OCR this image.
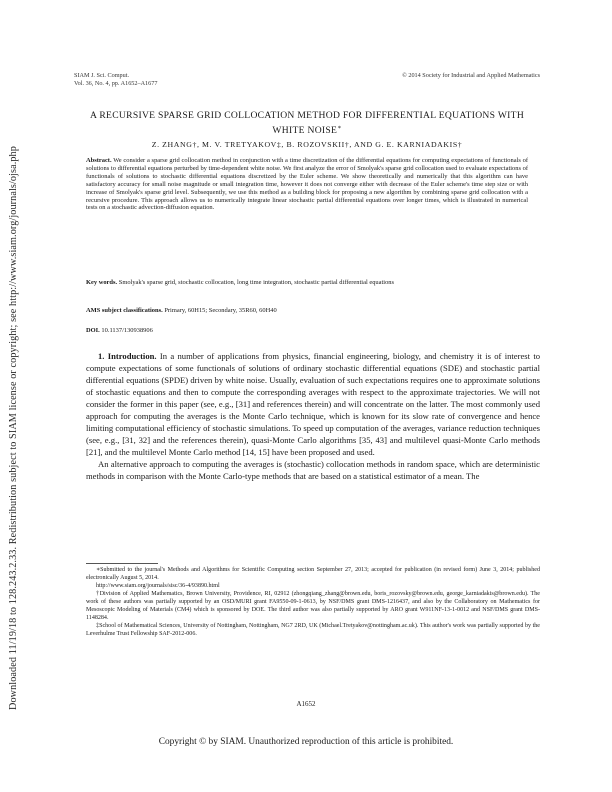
Downloaded 11/19/18 to 128.243.2.33. Redistribution subject to SIAM license or copyright; see http://www.siam.org/journals/ojsa.php
SIAM J. Sci. Comput.
Vol. 36, No. 4, pp. A1652–A1677
© 2014 Society for Industrial and Applied Mathematics
A RECURSIVE SPARSE GRID COLLOCATION METHOD FOR DIFFERENTIAL EQUATIONS WITH WHITE NOISE∗
Z. ZHANG†, M. V. TRETYAKOV‡, B. ROZOVSKII†, AND G. E. KARNIADAKIS†
Abstract. We consider a sparse grid collocation method in conjunction with a time discretization of the differential equations for computing expectations of functionals of solutions to differential equations perturbed by time-dependent white noise. We first analyze the error of Smolyak's sparse grid collocation used to evaluate expectations of functionals of solutions to stochastic differential equations discretized by the Euler scheme. We show theoretically and numerically that this algorithm can have satisfactory accuracy for small noise magnitude or small integration time, however it does not converge either with decrease of the Euler scheme's time step size or with increase of Smolyak's sparse grid level. Subsequently, we use this method as a building block for proposing a new algorithm by combining sparse grid collocation with a recursive procedure. This approach allows us to numerically integrate linear stochastic partial differential equations over longer times, which is illustrated in numerical tests on a stochastic advection-diffusion equation.
Key words. Smolyak's sparse grid, stochastic collocation, long time integration, stochastic partial differential equations
AMS subject classifications. Primary, 60H15; Secondary, 35R60, 60H40
DOI. 10.1137/130938906

1. Introduction. In a number of applications from physics, financial engineering, biology, and chemistry it is of interest to compute expectations of some functionals of solutions of ordinary stochastic differential equations (SDE) and stochastic partial differential equations (SPDE) driven by white noise. Usually, evaluation of such expectations requires one to approximate solutions of stochastic equations and then to compute the corresponding averages with respect to the approximate trajectories. We will not consider the former in this paper (see, e.g., [31] and references therein) and will concentrate on the latter. The most commonly used approach for computing the averages is the Monte Carlo technique, which is known for its slow rate of convergence and hence limiting computational efficiency of stochastic simulations. To speed up computation of the averages, variance reduction techniques (see, e.g., [31, 32] and the references therein), quasi-Monte Carlo algorithms [35, 43] and multilevel quasi-Monte Carlo methods [21], and the multilevel Monte Carlo method [14, 15] have been proposed and used.

An alternative approach to computing the averages is (stochastic) collocation methods in random space, which are deterministic methods in comparison with the Monte Carlo-type methods that are based on a statistical estimator of a mean. The

∗Submitted to the journal's Methods and Algorithms for Scientific Computing section September 27, 2013; accepted for publication (in revised form) June 3, 2014; published electronically August 5, 2014.

http://www.siam.org/journals/sisc/36-4/93890.html

†Division of Applied Mathematics, Brown University, Providence, RI, 02912 (zhongqiang_zhang@brown.edu, boris_rozovsky@brown.edu, george_karniadakis@brown.edu). The work of these authors was partially supported by an OSD/MURI grant FA9550-09-1-0613, by NSF/DMS grant DMS-1216437, and also by the Collaboratory on Mathematics for Mesoscopic Modeling of Materials (CM4) which is sponsored by DOE. The third author was also partially supported by ARO grant W911NF-13-1-0012 and NSF/DMS grant DMS-1148284.

‡School of Mathematical Sciences, University of Nottingham, Nottingham, NG7 2RD, UK (Michael.Tretyakov@nottingham.ac.uk). This author's work was partially supported by the Leverhulme Trust Fellowship SAF-2012-006.

A1652
Copyright © by SIAM. Unauthorized reproduction of this article is prohibited.
